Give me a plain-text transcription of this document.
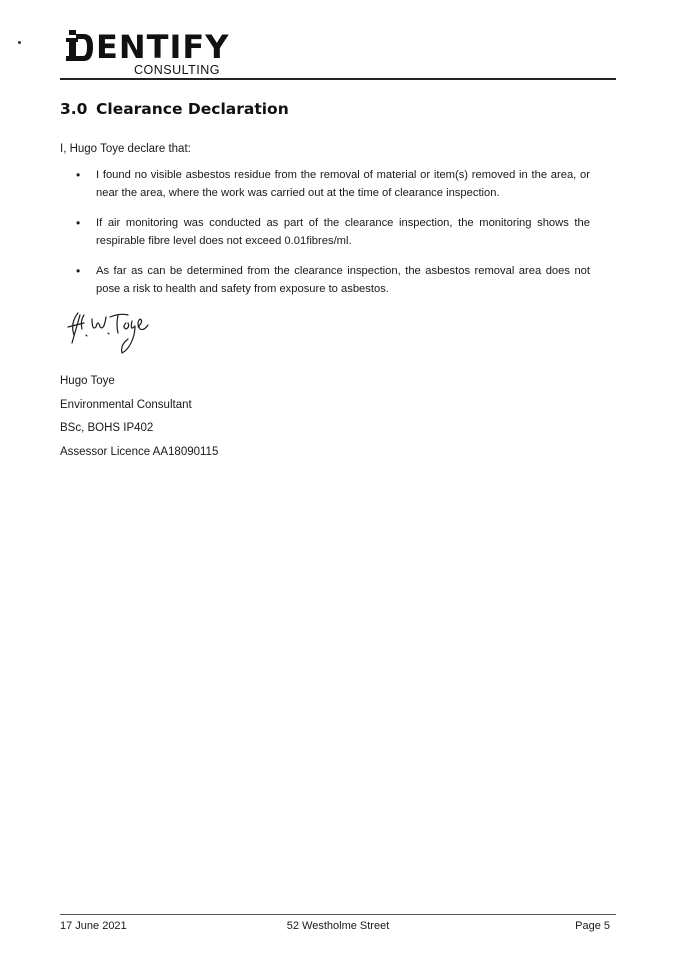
ENTIFY
CONSULTING
3.0 Clearance Declaration
I, Hugo Toye declare that:
• I found no visible asbestos residue from the removal of material or item(s) removed in the area, or near the area, where the work was carried out at the time of clearance inspection.
• If air monitoring was conducted as part of the clearance inspection, the monitoring shows the respirable fibre level does not exceed 0.01fibres/ml.
• As far as can be determined from the clearance inspection, the asbestos removal area does not pose a risk to health and safety from exposure to asbestos.
Hugo Toye
Environmental Consultant
BSc, BOHS IP402
Assessor Licence AA18090115
17 June 2021	52 Westholme Street	Page 5
